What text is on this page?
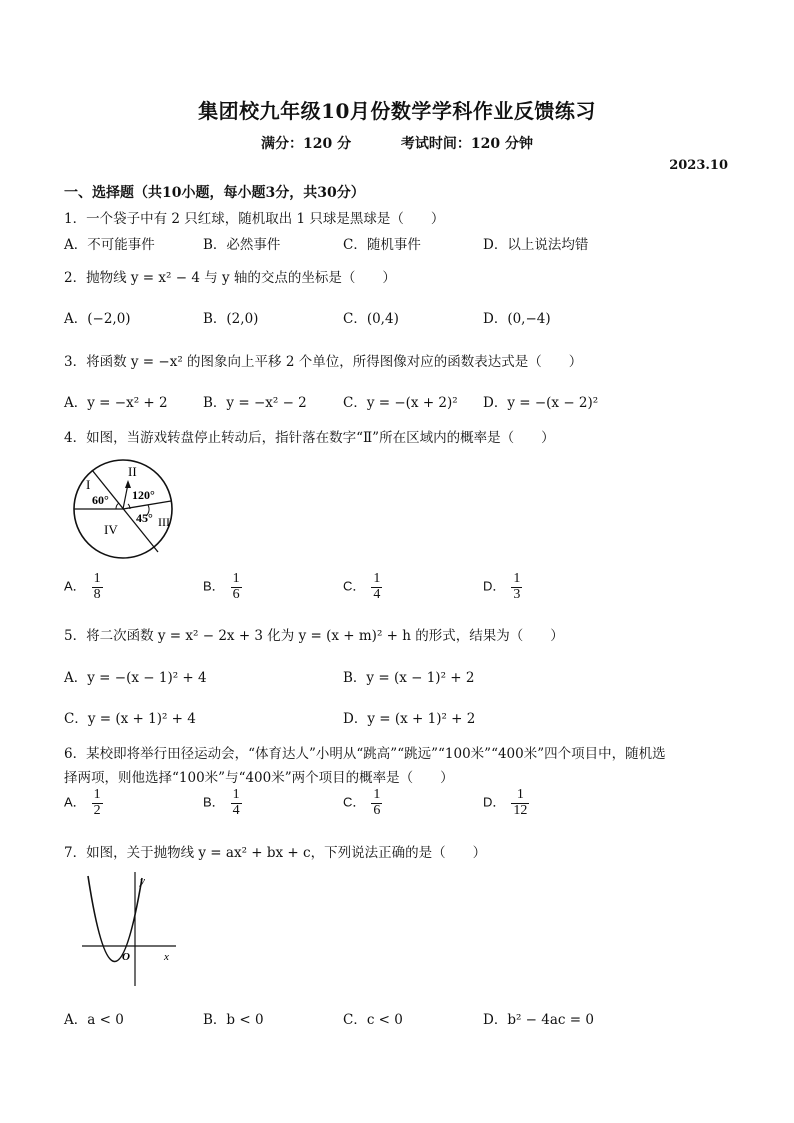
集团校九年级10月份数学学科作业反馈练习
满分：120 分	考试时间：120 分钟
2023.10
一、选择题（共10小题，每小题3分，共30分）
1．一个袋子中有 2 只红球，随机取出 1 只球是黑球是（　　）
A．不可能事件	B．必然事件	C．随机事件	D．以上说法均错
2．抛物线 y = x² − 4 与 y 轴的交点的坐标是（　　）
A．(−2,0)	B．(2,0)	C．(0,4)	D．(0,−4)
3．将函数 y = −x² 的图象向上平移 2 个单位，所得图像对应的函数表达式是（　　）
A．y = −x² + 2	B．y = −x² − 2	C．y = −(x + 2)² D．y = −(x − 2)²
4．如图，当游戏转盘停止转动后，指针落在数字“Ⅱ”所在区域内的概率是（　　）
I
II
III
IV
60° 120°
45°
A． $\frac{1}{8}$	B． $\frac{1}{6}$	C． $\frac{1}{4}$	D． $\frac{1}{3}$
5．将二次函数 y = x² − 2x + 3 化为 y = (x + m)² + h 的形式，结果为（　　）
A．y = −(x − 1)² + 4	B．y = (x − 1)² + 2
C．y = (x + 1)² + 4	D．y = (x + 1)² + 2
6．某校即将举行田径运动会，“体育达人”小明从“跳高”“跳远”“100米”“400米”四个项目中，随机选
择两项，则他选择“100米”与“400米”两个项目的概率是（　　）
A． $\frac{1}{2}$	B． $\frac{1}{4}$	C． $\frac{1}{6}$	D． $\frac{1}{12}$
7．如图，关于抛物线 y = ax² + bx + c，下列说法正确的是（　　）
y
O	x
A．a < 0	B．b < 0	C．c < 0	D．b² − 4ac = 0
